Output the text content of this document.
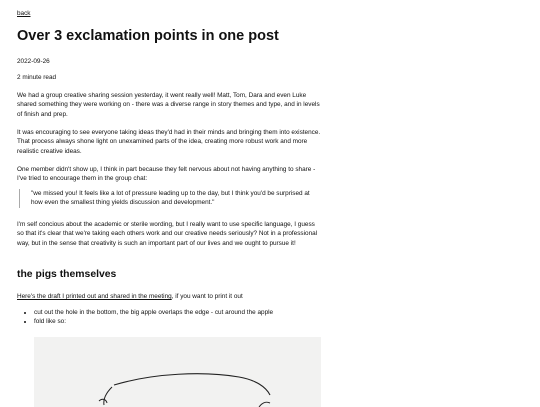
back
Over 3 exclamation points in one post
2022-09-26
2 minute read

We had a group creative sharing session yesterday, it went really well! Matt, Tom, Dara and even Luke shared something they were working on - there was a diverse range in story themes and type, and in levels of finish and prep.

It was encouraging to see everyone taking ideas they'd had in their minds and bringing them into existence. That process always shone light on unexamined parts of the idea, creating more robust work and more realistic creative ideas.

One member didn't show up, I think in part because they felt nervous about not having anything to share - I've tried to encourage them in the group chat:

"we missed you! It feels like a lot of pressure leading up to the day, but I think you'd be surprised at how even the smallest thing yields discussion and development."

I'm self concious about the academic or sterile wording, but I really want to use specific language, I guess so that it's clear that we're taking each others work and our creative needs seriously? Not in a professional way, but in the sense that creativity is such an important part of our lives and we ought to pursue it!

the pigs themselves
Here's the draft I printed out and shared in the meeting, if you want to print it out
• cut out the hole in the bottom, the big apple overlaps the edge - cut around the apple
• fold like so:
